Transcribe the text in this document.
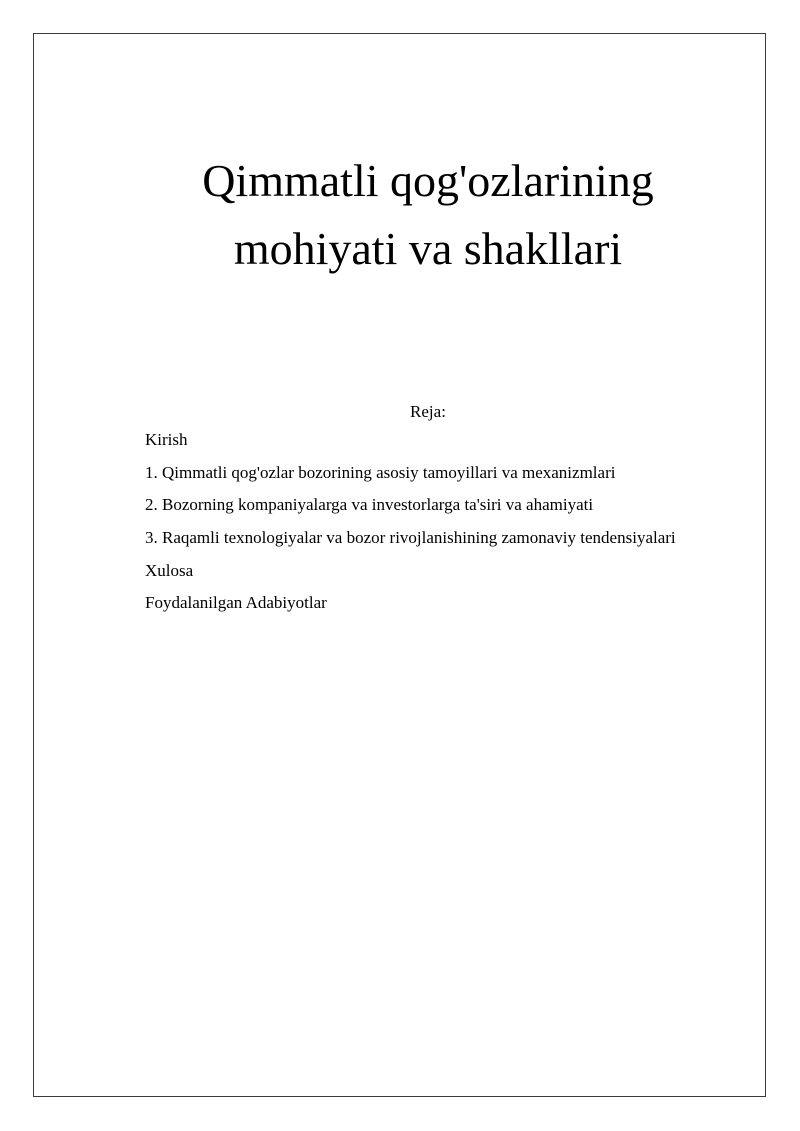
Qimmatli qog'ozlarining
mohiyati va shakllari
Reja:
Kirish
1. Qimmatli qog'ozlar bozorining asosiy tamoyillari va mexanizmlari
2. Bozorning kompaniyalarga va investorlarga ta'siri va ahamiyati
3. Raqamli texnologiyalar va bozor rivojlanishining zamonaviy tendensiyalari
Xulosa
Foydalanilgan Adabiyotlar
